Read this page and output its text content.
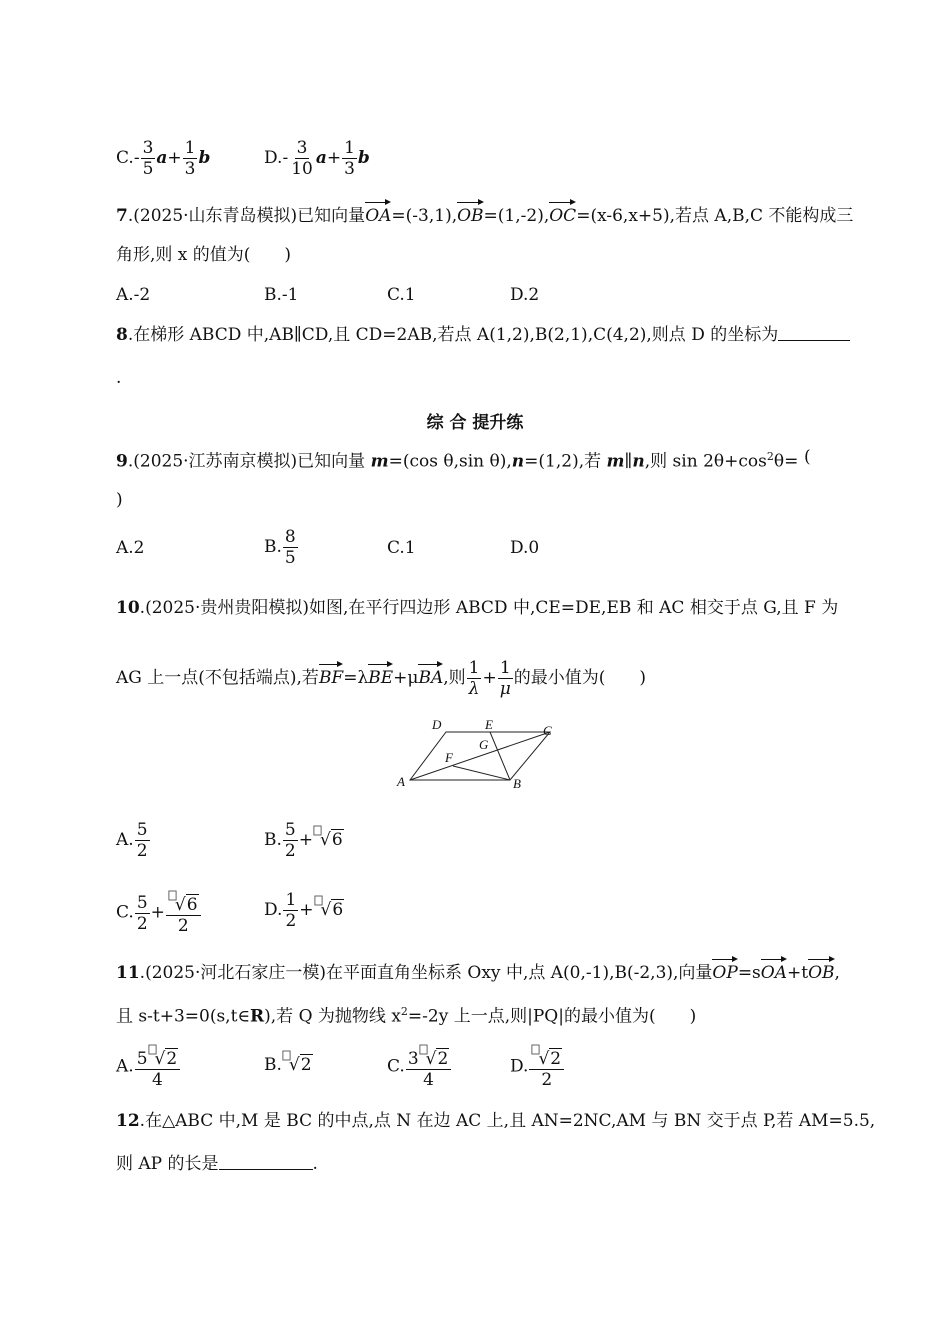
$C.- \frac{3}{5} a+ \frac{1}{3}$ b	$D.- \frac{3}{10} a+ \frac{1}{3}$ b
7.(2025·山东青岛模拟)已知向量OA=(-3,1),OB=(1,-2),OC=(x-6,x+5),若点 A,B,C 不能构成三
角形,则 x 的值为(　　)
A.-2	B.-1	C.1	D.2
8.在梯形 ABCD 中,AB∥CD,且 CD=2AB,若点 A(1,2),B(2,1),C(4,2),则点 D 的坐标为
.
综 合 提升练
9.(2025·江苏南京模拟)已知向量 m=(cos θ,sin θ),n=(1,2),若 m∥n,则 $\sin 2\theta+\cos^2\theta=$ (
)
A.2	B. $\frac{8}{5}$	C.1	D.0
10.(2025·贵州贵阳模拟)如图,在平行四边形 ABCD 中,CE=DE,EB 和 AC 相交于点 G,且 F 为
AG 上一点(不包括端点),若BF=λBE+μBA,则 $\frac{1}{\lambda} + \frac{1}{\mu}$ 的最小值为(　　)
D	E	C
G
F
A	B
A. $\frac{5}{2}$	B. $\frac{5}{2} + √6$
C. $\frac{5}{2} + \frac{√6}{2}$	D. $\frac{1}{2} + √6$
11.(2025·河北石家庄一模)在平面直角坐标系 Oxy 中,点 A(0,-1),B(-2,3),向量OP=sOA+tOB,
且 s-t+3=0(s,t∈R),若 Q 为抛物线 $x^2=-2y$ 上一点,则|PQ|的最小值为(　　)
A. $\frac{5 √2}{4}$	B. √2	C. $\frac{3 √2}{4}$	D. $\frac{√2}{2}$
12.在△ABC 中,M 是 BC 的中点,点 N 在边 AC 上,且 AN=2NC,AM 与 BN 交于点 P,若 AM=5.5,
则 AP 的长是	.
